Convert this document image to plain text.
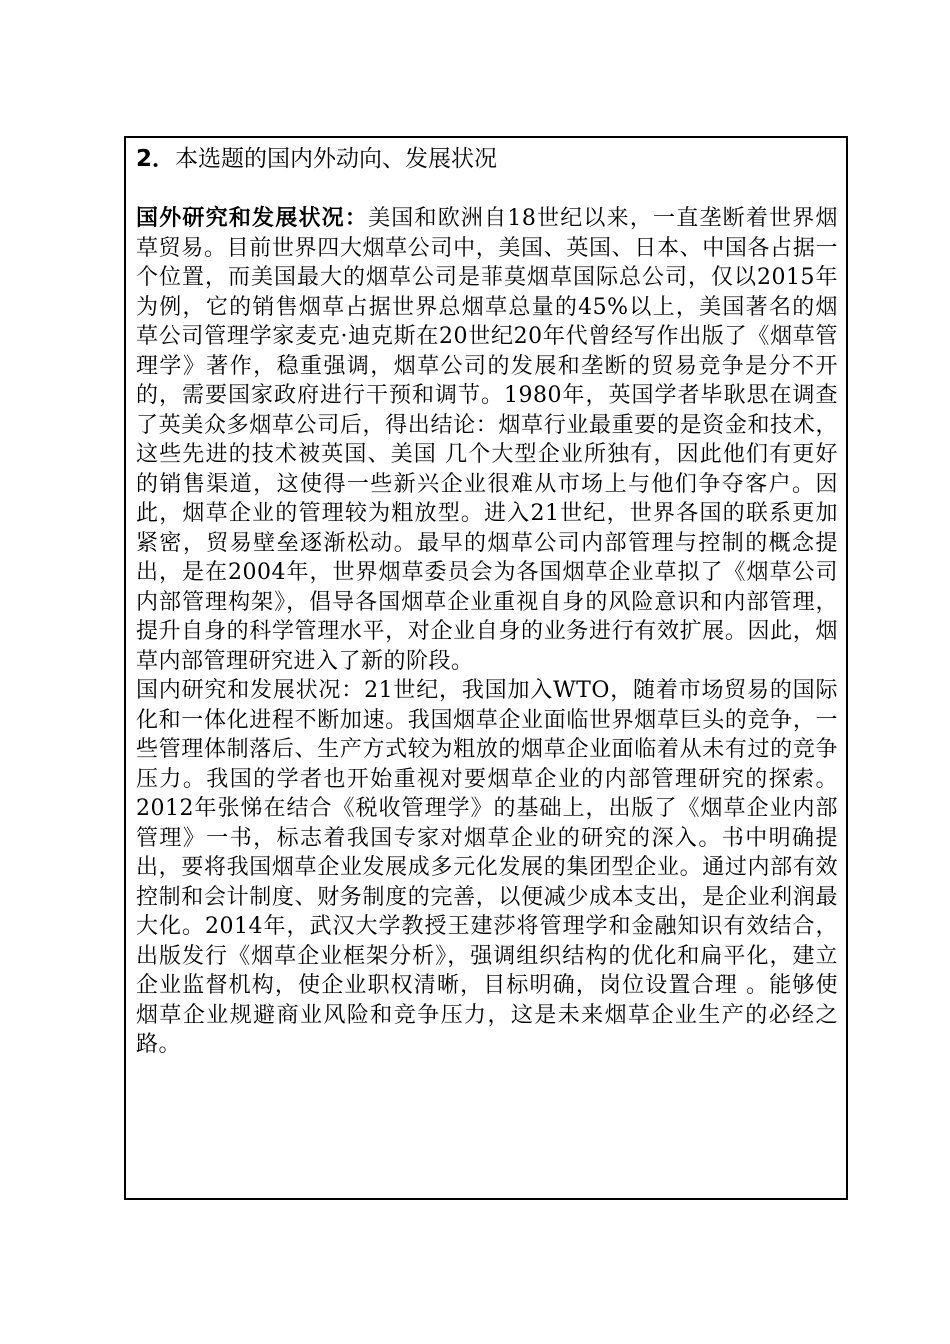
2．本选题的国内外动向、发展状况

国外研究和发展状况：美国和欧洲自18世纪以来，一直垄断着世界烟草贸易。目前世界四大烟草公司中，美国、英国、日本、中国各占据一个位置，而美国最大的烟草公司是菲莫烟草国际总公司，仅以2015年为例，它的销售烟草占据世界总烟草总量的45%以上，美国著名的烟草公司管理学家麦克·迪克斯在20世纪20年代曾经写作出版了《烟草管理学》著作，稳重强调，烟草公司的发展和垄断的贸易竞争是分不开的，需要国家政府进行干预和调节。1980年，英国学者毕耿思在调查了英美众多烟草公司后，得出结论：烟草行业最重要的是资金和技术，这些先进的技术被英国、美国 几个大型企业所独有，因此他们有更好的销售渠道，这使得一些新兴企业很难从市场上与他们争夺客户。因此，烟草企业的管理较为粗放型。进入21世纪，世界各国的联系更加紧密，贸易壁垒逐渐松动。最早的烟草公司内部管理与控制的概念提出，是在2004年，世界烟草委员会为各国烟草企业草拟了《烟草公司内部管理构架》，倡导各国烟草企业重视自身的风险意识和内部管理，提升自身的科学管理水平，对企业自身的业务进行有效扩展。因此，烟草内部管理研究进入了新的阶段。

国内研究和发展状况：21世纪，我国加入WTO，随着市场贸易的国际化和一体化进程不断加速。我国烟草企业面临世界烟草巨头的竞争，一些管理体制落后、生产方式较为粗放的烟草企业面临着从未有过的竞争压力。我国的学者也开始重视对要烟草企业的内部管理研究的探索。2012年张悌在结合《税收管理学》的基础上，出版了《烟草企业内部管理》一书，标志着我国专家对烟草企业的研究的深入。书中明确提出，要将我国烟草企业发展成多元化发展的集团型企业。通过内部有效控制和会计制度、财务制度的完善，以便减少成本支出，是企业利润最大化。2014年，武汉大学教授王建莎将管理学和金融知识有效结合，出版发行《烟草企业框架分析》，强调组织结构的优化和扁平化，建立企业监督机构，使企业职权清晰，目标明确，岗位设置合理 。能够使烟草企业规避商业风险和竞争压力，这是未来烟草企业生产的必经之路。
